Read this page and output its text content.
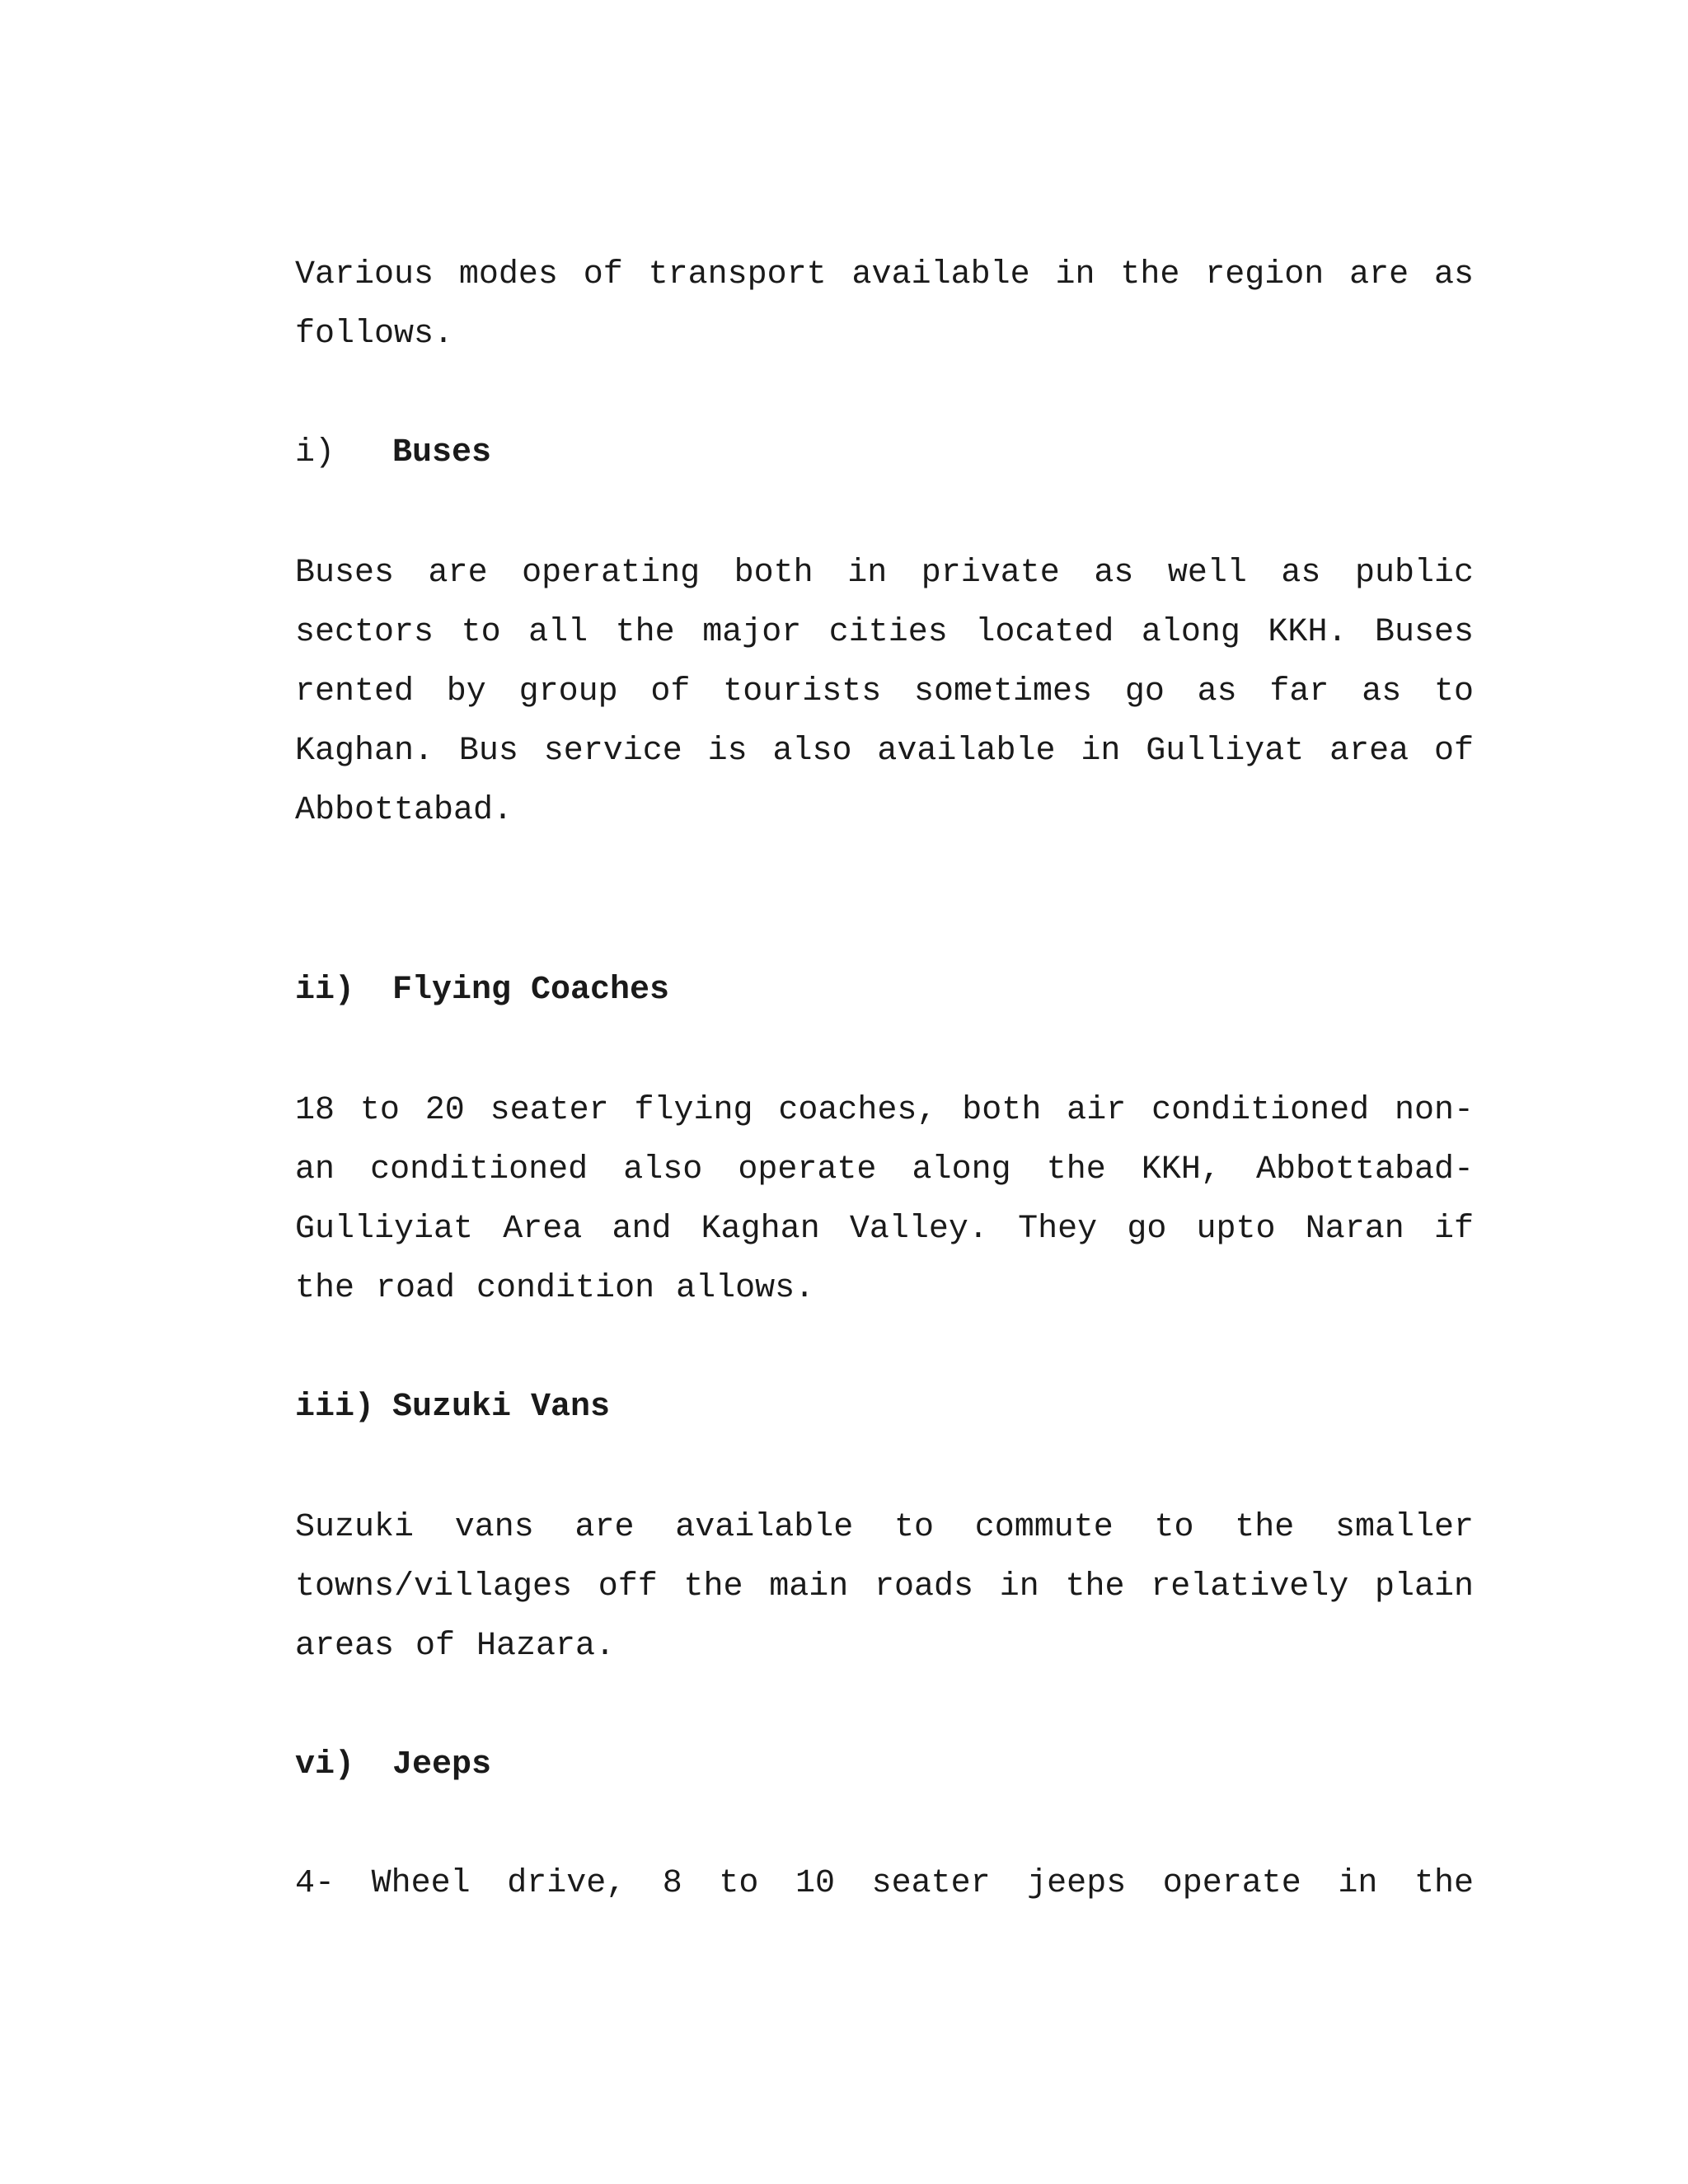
Various modes of transport available in the region are as follows.

i)	Buses

Buses are operating both in private as well as public sectors to all the major cities located along KKH. Buses rented by group of tourists sometimes go as far as to Kaghan. Bus service is also available in Gulliyat area of Abbottabad.

ii)	Flying Coaches

18 to 20 seater flying coaches, both air conditioned non-an conditioned also operate along the KKH, Abbottabad-Gulliyiat Area and Kaghan Valley. They go upto Naran if the road condition allows.

iii) Suzuki Vans

Suzuki vans are available to commute to the smaller towns/villages off the main roads in the relatively plain areas of Hazara.

vi)	Jeeps

4- Wheel drive, 8 to 10 seater jeeps operate in the
